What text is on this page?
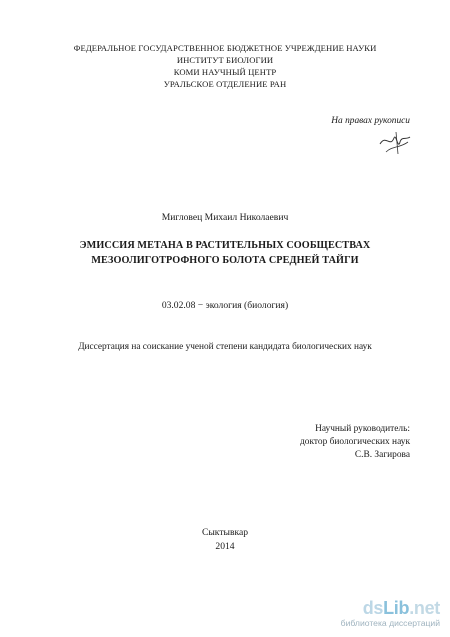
ФЕДЕРАЛЬНОЕ ГОСУДАРСТВЕННОЕ БЮДЖЕТНОЕ УЧРЕЖДЕНИЕ НАУКИ
ИНСТИТУТ БИОЛОГИИ
КОМИ НАУЧНЫЙ ЦЕНТР
УРАЛЬСКОЕ ОТДЕЛЕНИЕ РАН
На правах рукописи
Мигловец Михаил Николаевич
ЭМИССИЯ МЕТАНА В РАСТИТЕЛЬНЫХ СООБЩЕСТВАХ
МЕЗООЛИГОТРОФНОГО БОЛОТА СРЕДНЕЙ ТАЙГИ
03.02.08 − экология (биология)
Диссертация на соискание ученой степени кандидата биологических наук
Научный руководитель:
доктор биологических наук
С.В. Загирова
Сыктывкар
2014
dsLib.net
библиотека диссертаций
